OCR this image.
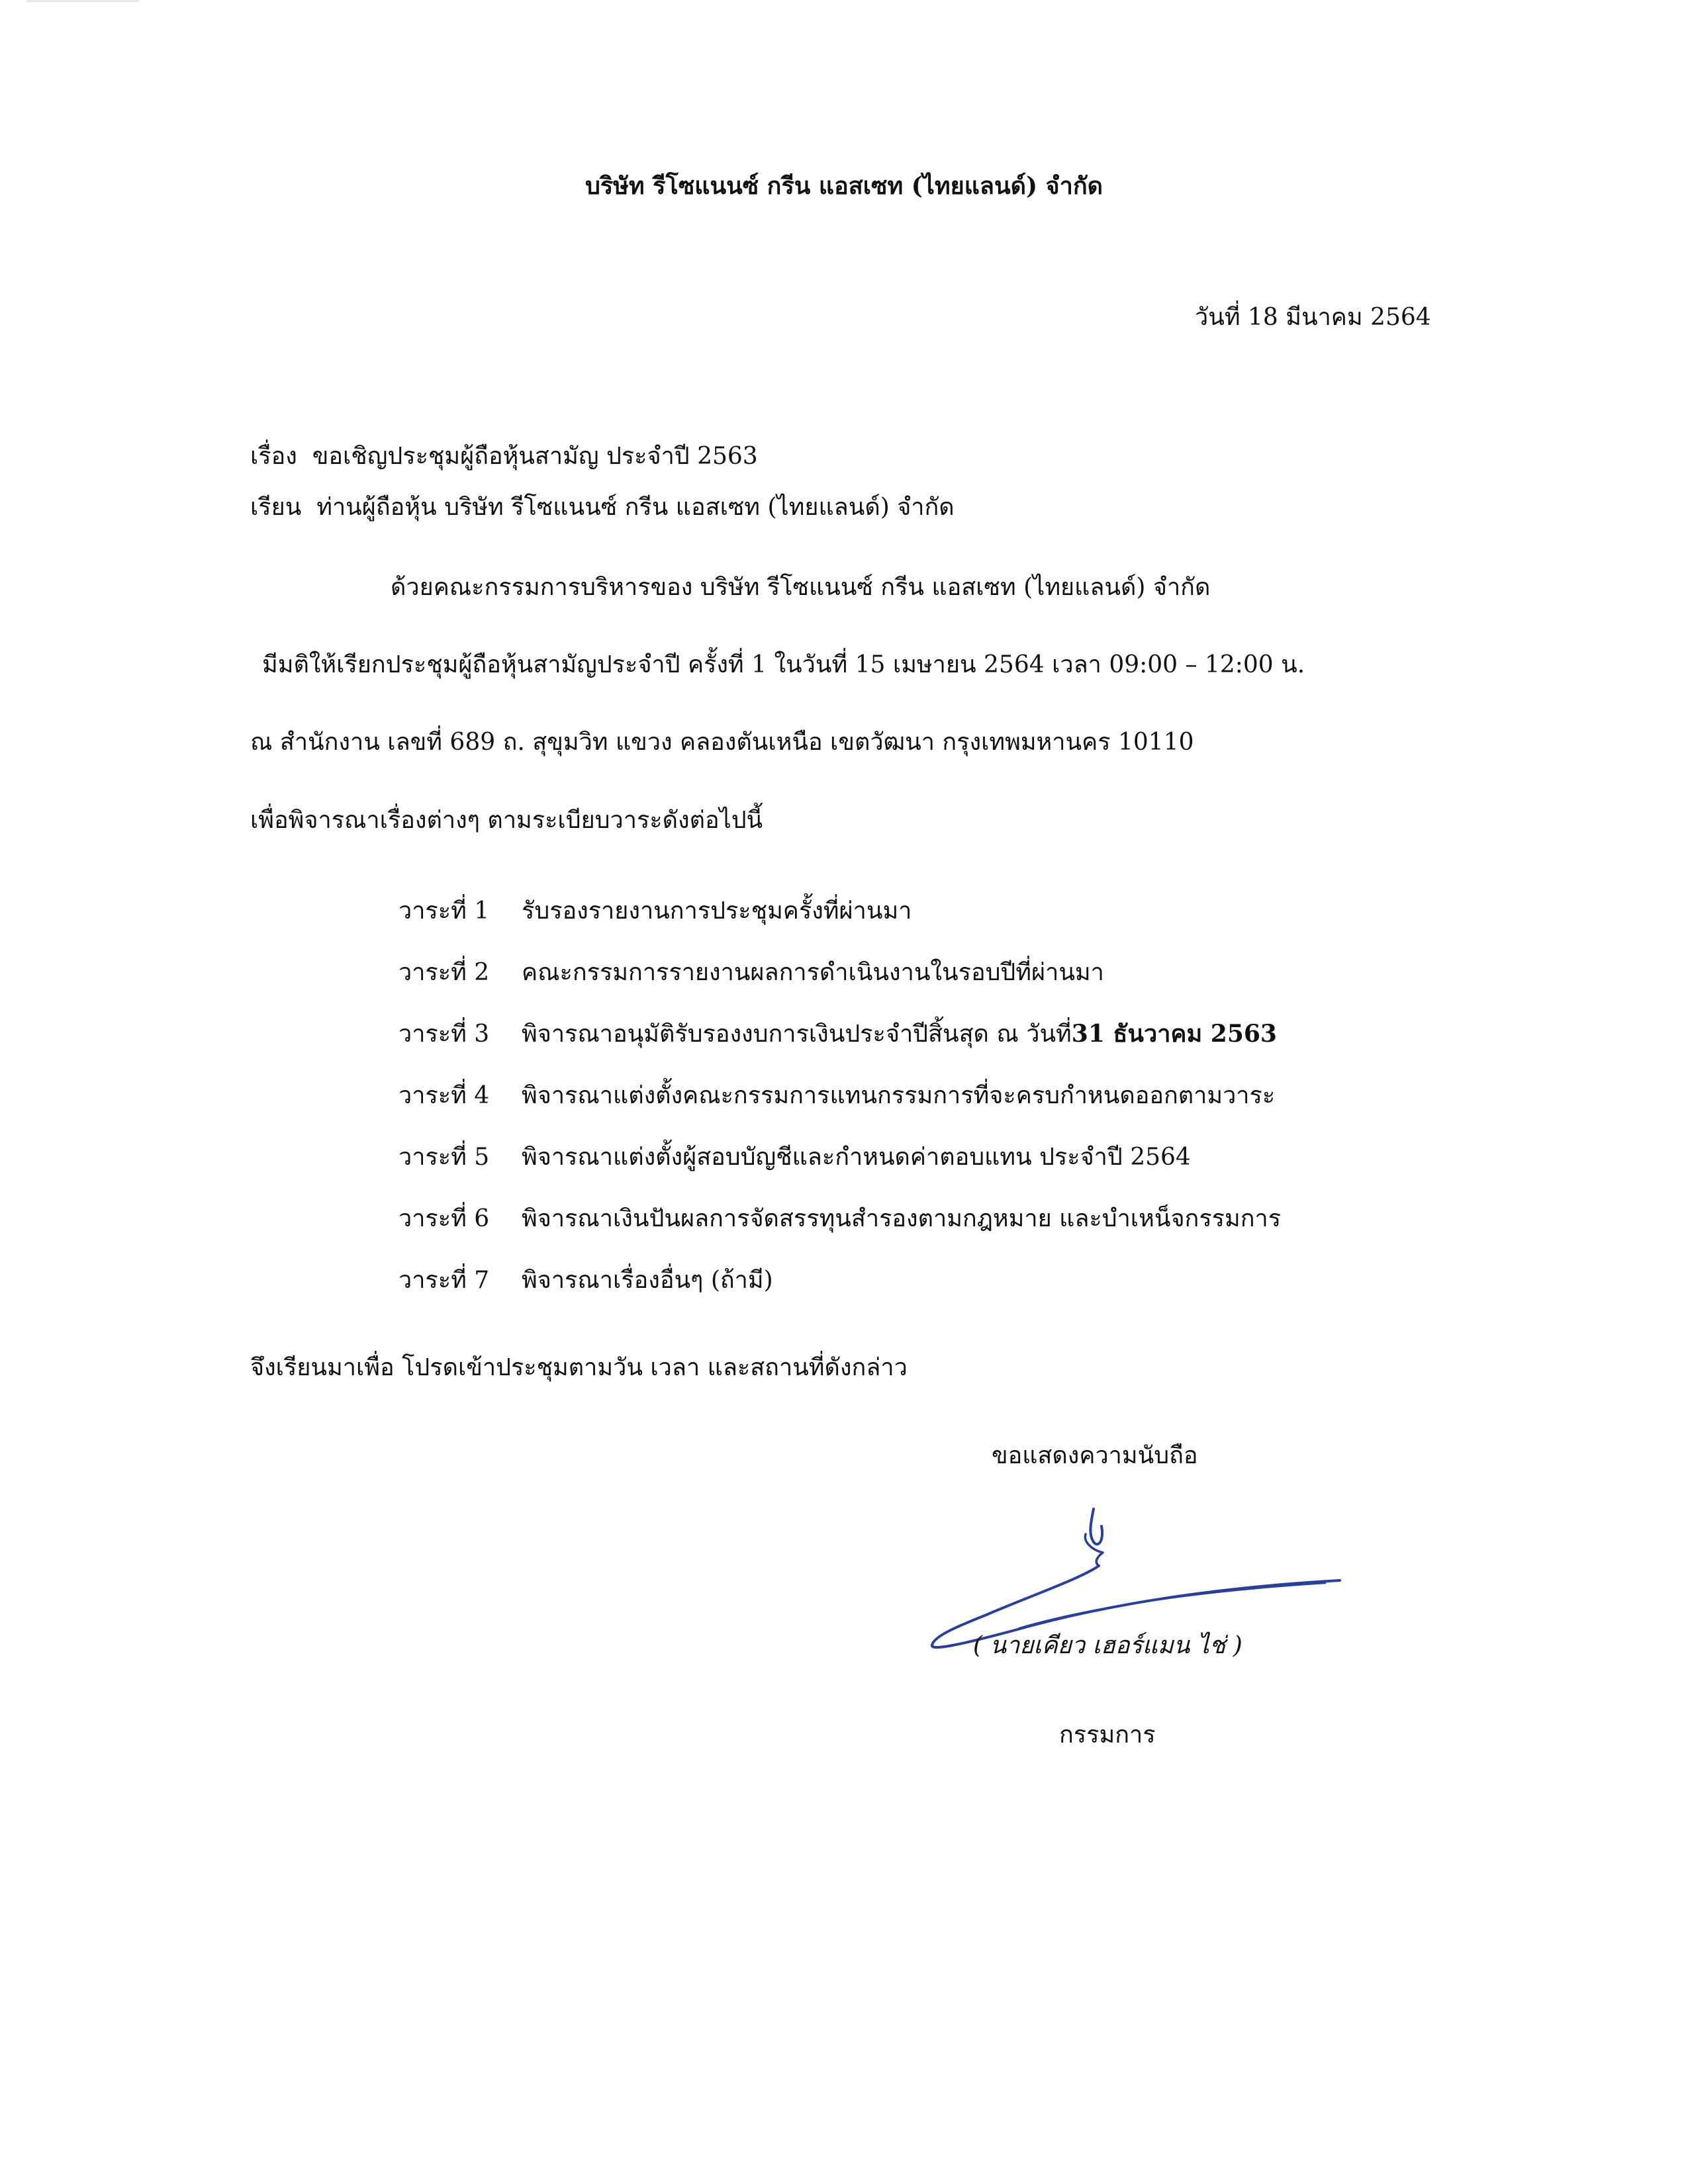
บริษัท รีโซแนนซ์ กรีน แอสเซท (ไทยแลนด์) จำกัด
วันที่ 18 มีนาคม 2564
เรื่อง ขอเชิญประชุมผู้ถือหุ้นสามัญ ประจำปี 2563
เรียน ท่านผู้ถือหุ้น บริษัท รีโซแนนซ์ กรีน แอสเซท (ไทยแลนด์) จำกัด
ด้วยคณะกรรมการบริหารของ บริษัท รีโซแนนซ์ กรีน แอสเซท (ไทยแลนด์) จำกัด
มีมติให้เรียกประชุมผู้ถือหุ้นสามัญประจำปี ครั้งที่ 1 ในวันที่ 15 เมษายน 2564 เวลา 09:00 – 12:00 น.
ณ สำนักงาน เลขที่ 689 ถ. สุขุมวิท แขวง คลองตันเหนือ เขตวัฒนา กรุงเทพมหานคร 10110
เพื่อพิจารณาเรื่องต่างๆ ตามระเบียบวาระดังต่อไปนี้
วาระที่ 1 รับรองรายงานการประชุมครั้งที่ผ่านมา
วาระที่ 2 คณะกรรมการรายงานผลการดำเนินงานในรอบปีที่ผ่านมา
วาระที่ 3 พิจารณาอนุมัติรับรองงบการเงินประจำปีสิ้นสุด ณ วันที่31 ธันวาคม 2563
วาระที่ 4 พิจารณาแต่งตั้งคณะกรรมการแทนกรรมการที่จะครบกำหนดออกตามวาระ
วาระที่ 5 พิจารณาแต่งตั้งผู้สอบบัญชีและกำหนดค่าตอบแทน ประจำปี 2564
วาระที่ 6 พิจารณาเงินปันผลการจัดสรรทุนสำรองตามกฎหมาย และบำเหน็จกรรมการ
วาระที่ 7 พิจารณาเรื่องอื่นๆ (ถ้ามี)
จึงเรียนมาเพื่อ โปรดเข้าประชุมตามวัน เวลา และสถานที่ดังกล่าว
ขอแสดงความนับถือ
( นายเคียว เฮอร์แมน ไช่ )
กรรมการ
